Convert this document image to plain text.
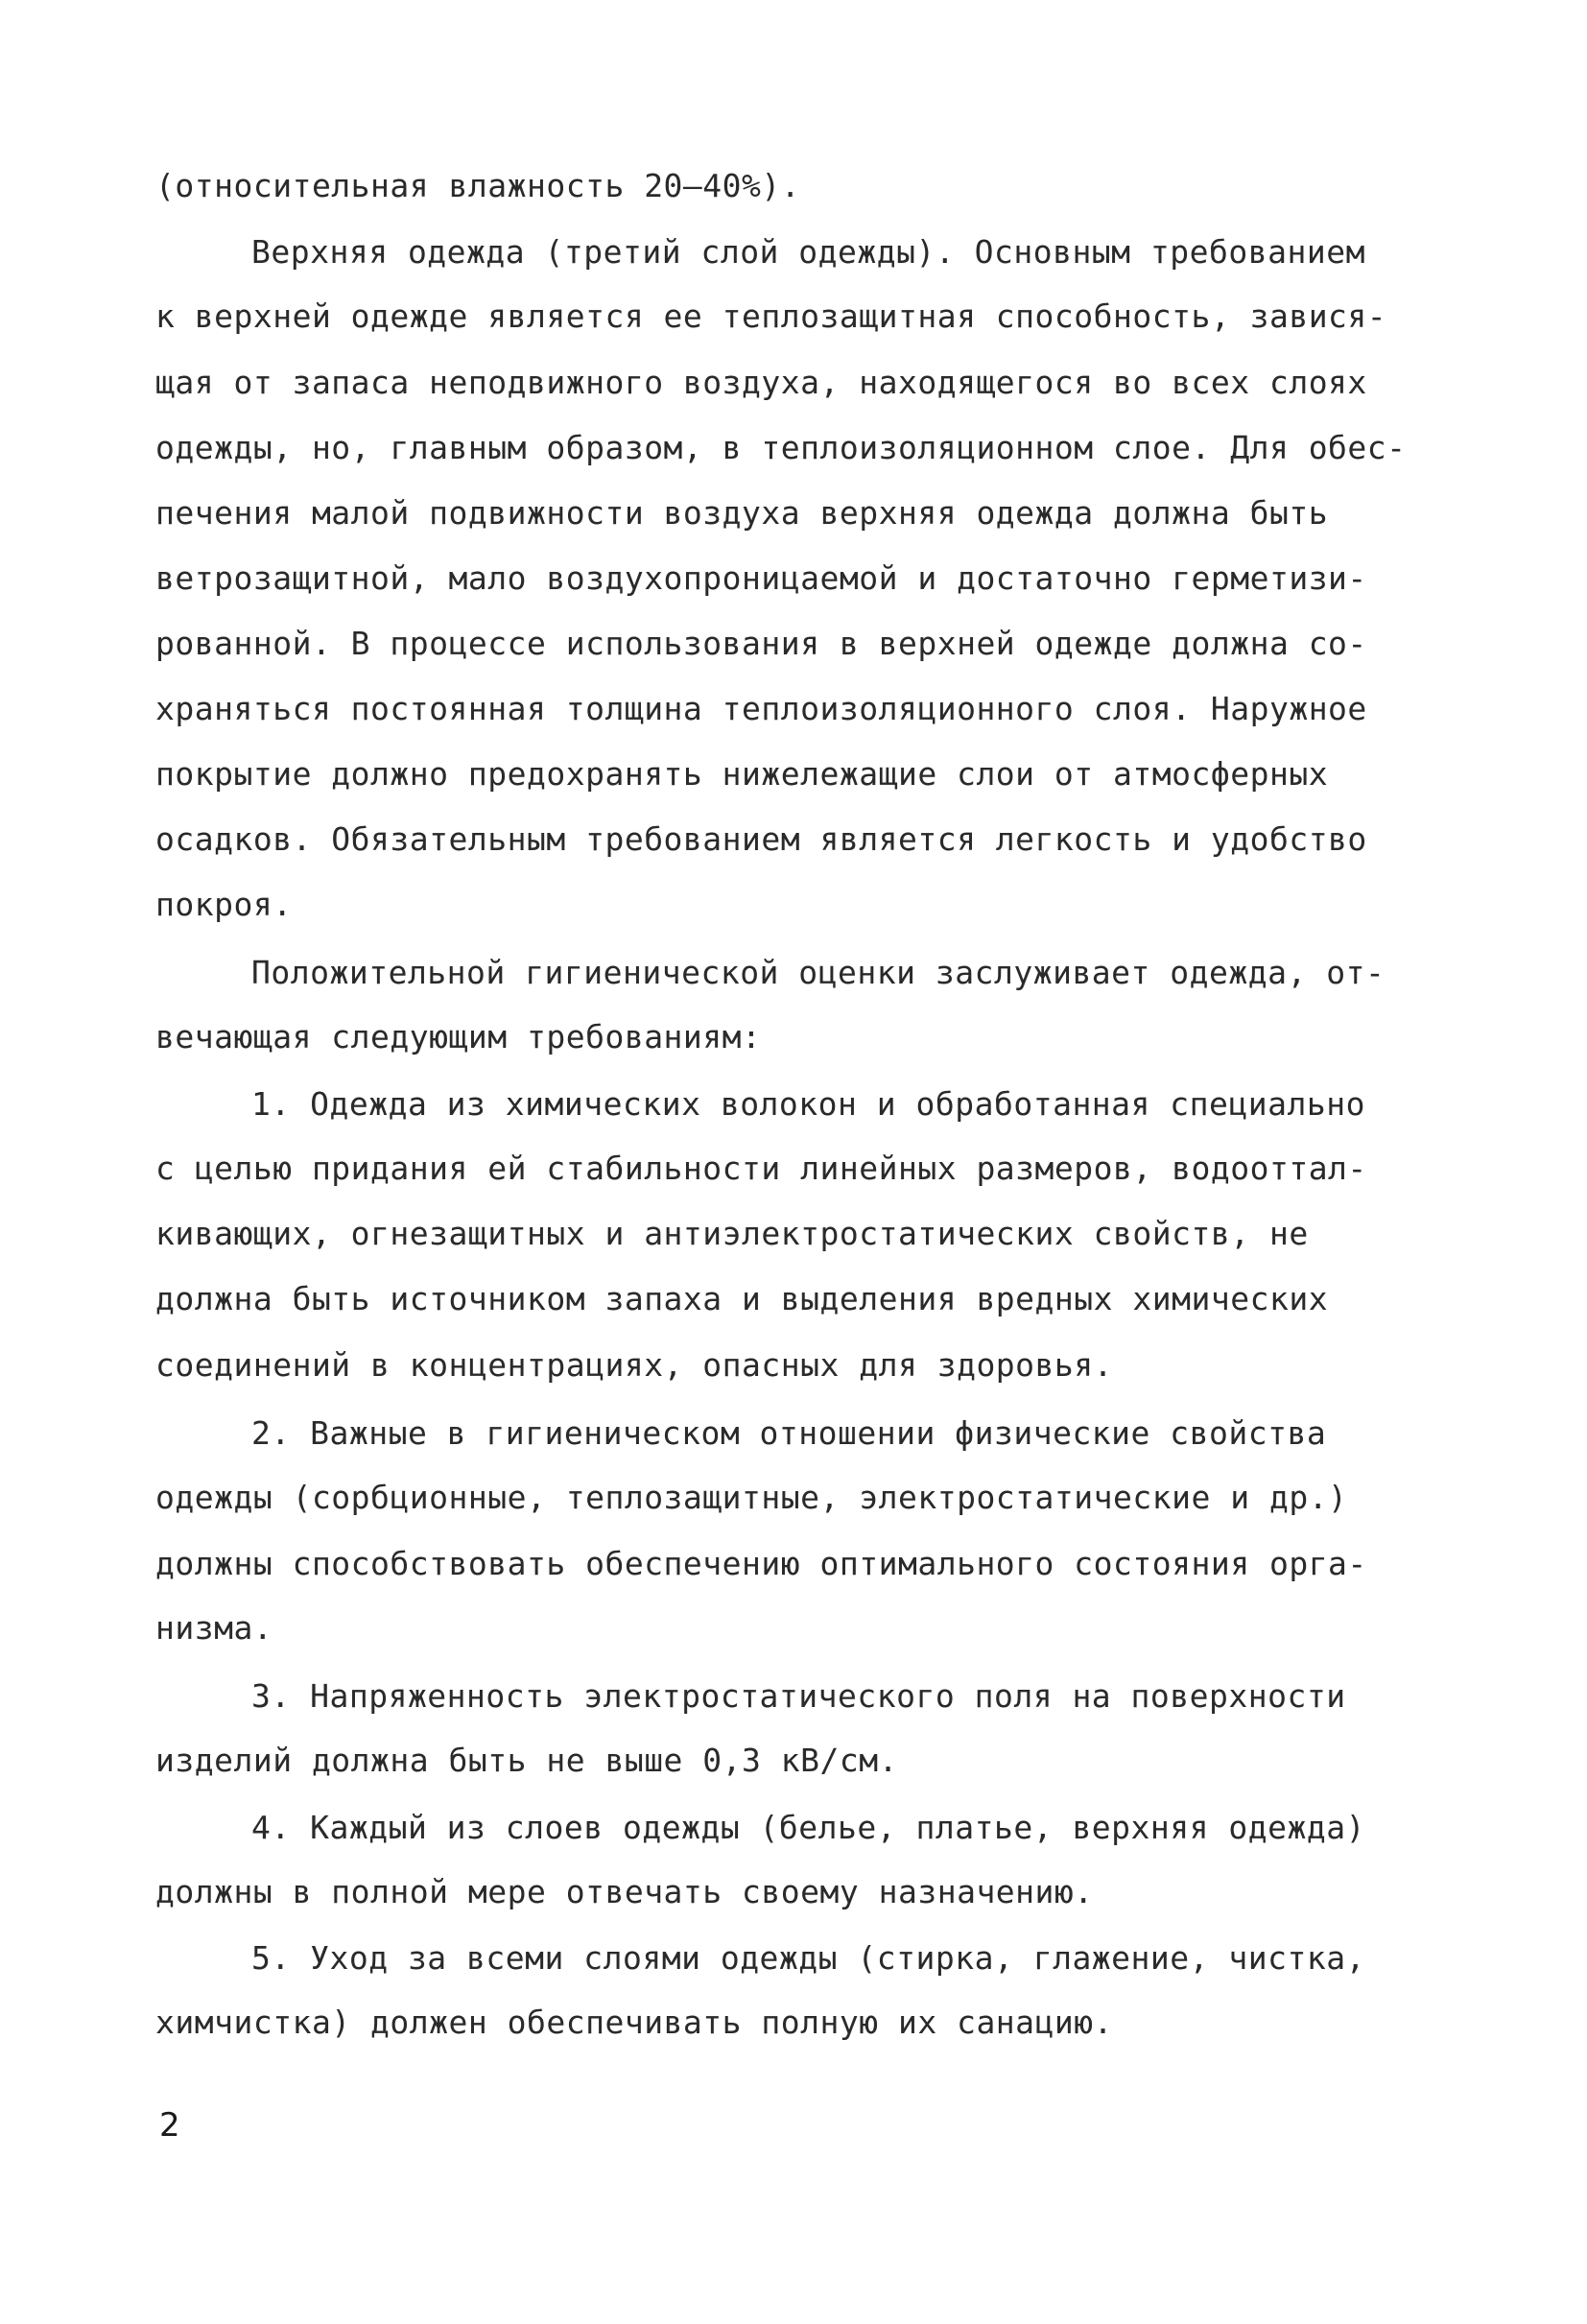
(относительная влажность 20–40%).
Верхняя одежда (третий слой одежды). Основным требованием
к верхней одежде является ее теплозащитная способность, завися-
щая от запаса неподвижного воздуха, находящегося во всех слоях
одежды, но, главным образом, в теплоизоляционном слое. Для обес-
печения малой подвижности воздуха верхняя одежда должна быть
ветрозащитной, мало воздухопроницаемой и достаточно герметизи-
рованной. В процессе использования в верхней одежде должна со-
храняться постоянная толщина теплоизоляционного слоя. Наружное
покрытие должно предохранять нижележащие слои от атмосферных
осадков. Обязательным требованием является легкость и удобство
покроя.
Положительной гигиенической оценки заслуживает одежда, от-
вечающая следующим требованиям:
1. Одежда из химических волокон и обработанная специально
с целью придания ей стабильности линейных размеров, водооттал-
кивающих, огнезащитных и антиэлектростатических свойств, не
должна быть источником запаха и выделения вредных химических
соединений в концентрациях, опасных для здоровья.
2. Важные в гигиеническом отношении физические свойства
одежды (сорбционные, теплозащитные, электростатические и др.)
должны способствовать обеспечению оптимального состояния орга-
низма.
3. Напряженность электростатического поля на поверхности
изделий должна быть не выше 0,3 кВ/см.
4. Каждый из слоев одежды (белье, платье, верхняя одежда)
должны в полной мере отвечать своему назначению.
5. Уход за всеми слоями одежды (стирка, глажение, чистка,
химчистка) должен обеспечивать полную их санацию.
2
